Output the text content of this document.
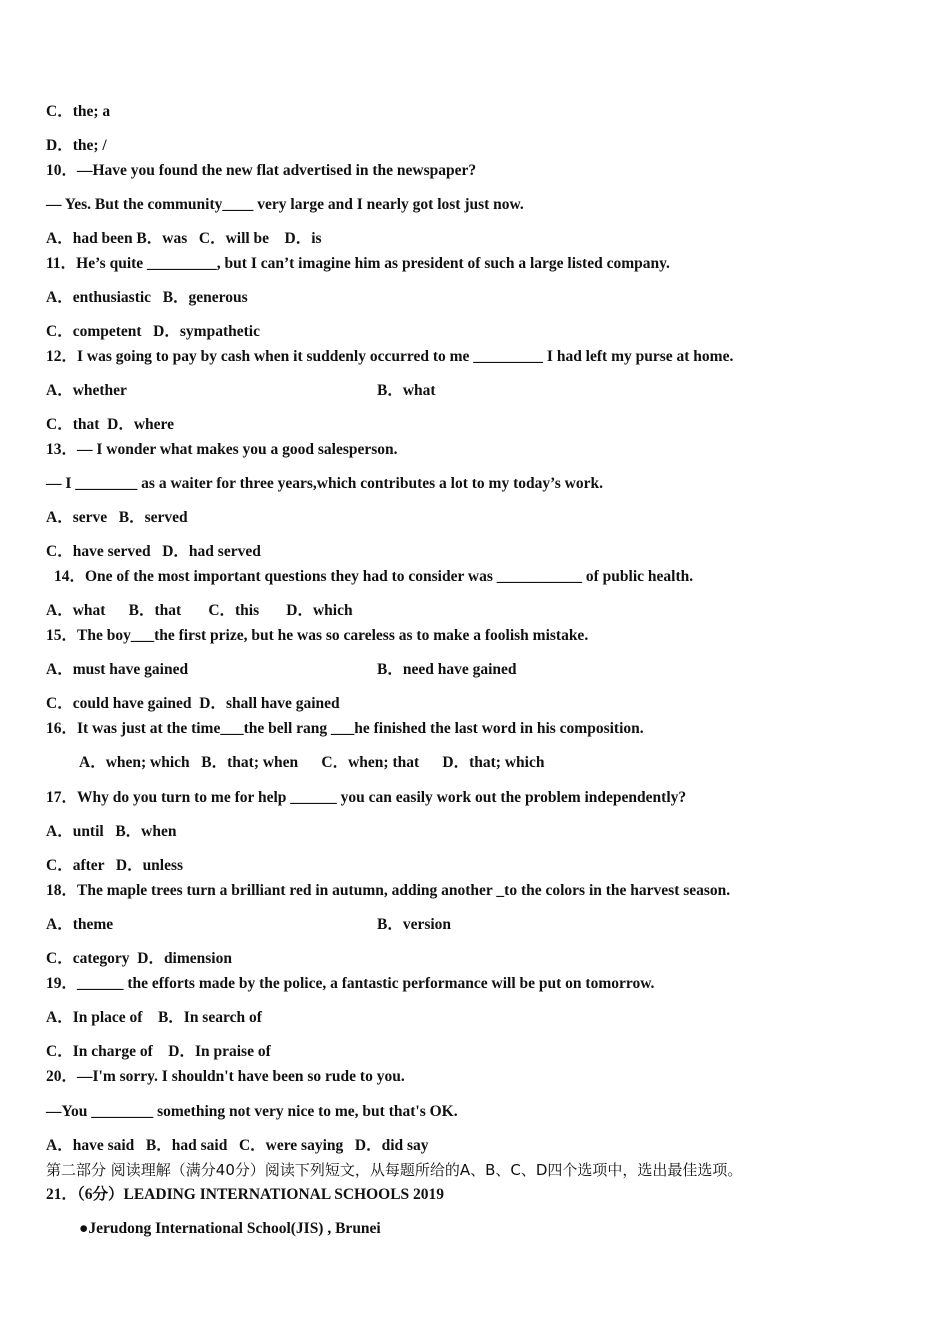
C．the; a
D．the; /
10．—Have you found the new flat advertised in the newspaper?
— Yes. But the community____ very large and I nearly got lost just now.
A．had been B．was   C．will be    D．is
11．He’s quite _________, but I can’t imagine him as president of such a large listed company.
A．enthusiastic   B．generous
C．competent   D．sympathetic
12．I was going to pay by cash when it suddenly occurred to me _________ I had left my purse at home.
A．whether	B．what
C．that  D．where
13．— I wonder what makes you a good salesperson.
— I ________ as a waiter for three years,which contributes a lot to my today’s work.
A．serve   B．served
C．have served   D．had served
14．One of the most important questions they had to consider was ___________ of public health.
A．what      B．that       C．this       D．which
15．The boy___the first prize, but he was so careless as to make a foolish mistake.
A．must have gained	B．need have gained
C．could have gained  D．shall have gained
16．It was just at the time___the bell rang ___he finished the last word in his composition.
A．when; which   B．that; when      C．when; that      D．that; which
17．Why do you turn to me for help ______ you can easily work out the problem independently?
A．until   B．when
C．after   D．unless
18．The maple trees turn a brilliant red in autumn, adding another _to the colors in the harvest season.
A．theme	B．version
C．category  D．dimension
19．______ the efforts made by the police, a fantastic performance will be put on tomorrow.
A．In place of    B．In search of
C．In charge of    D．In praise of
20．—I'm sorry. I shouldn't have been so rude to you.
—You ________ something not very nice to me, but that's OK.
A．have said   B．had said   C．were saying   D．did say
第二部分 阅读理解（满分40分）阅读下列短文，从每题所给的A、B、C、D四个选项中，选出最佳选项。
21．（6分）LEADING INTERNATIONAL SCHOOLS 2019
●Jerudong International School(JIS) , Brunei
